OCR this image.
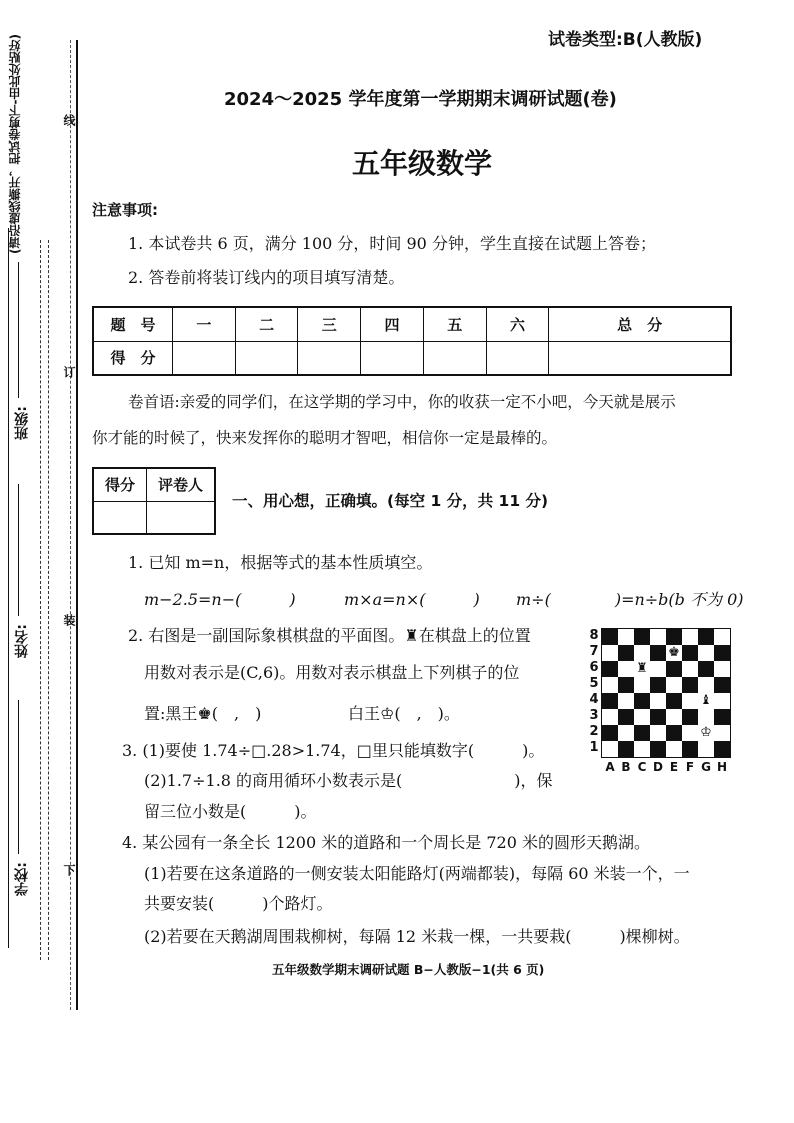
(请沿虚线撕开，把试卷剪下-由此处贴好)	线
订
装
下
班级:
姓名:
学校:
试卷类型:B(人教版)
2024～2025 学年度第一学期期末调研试题(卷)
五年级数学
注意事项:
1. 本试卷共 6 页，满分 100 分，时间 90 分钟，学生直接在试题上答卷；
2. 答卷前将装订线内的项目填写清楚。
题　号	一	二	三	四	五	六	总　分
得　分							
卷首语:亲爱的同学们，在这学期的学习中，你的收获一定不小吧，今天就是展示
你才能的时候了，快来发挥你的聪明才智吧，相信你一定是最棒的。
得分	评卷人

一、用心想，正确填。(每空 1 分，共 11 分)
1. 已知 m=n，根据等式的基本性质填空。
m−2.5=n−(　　　)	m×a=n×(　　　) m÷(　　　　)=n÷b(b 不为 0)
2. 右图是一副国际象棋棋盘的平面图。♜在棋盘上的位置
用数对表示是(C,6)。用数对表示棋盘上下列棋子的位
置:黑王♚(　,　)	白王♔(　,　)。
8
7
6
5
4
3
2
1
♚
♜
♝
♔
A B C D E F G H
3. (1)要使 1.74÷□.28>1.74，□里只能填数字(　　　)。
(2)1.7÷1.8 的商用循环小数表示是(　　　　　　　)，保
留三位小数是(　　　)。
4. 某公园有一条全长 1200 米的道路和一个周长是 720 米的圆形天鹅湖。
(1)若要在这条道路的一侧安装太阳能路灯(两端都装)，每隔 60 米装一个，一
共要安装(　　　)个路灯。
(2)若要在天鹅湖周围栽柳树，每隔 12 米栽一棵，一共要栽(　　　)棵柳树。
五年级数学期末调研试题 B−人教版−1(共 6 页)
